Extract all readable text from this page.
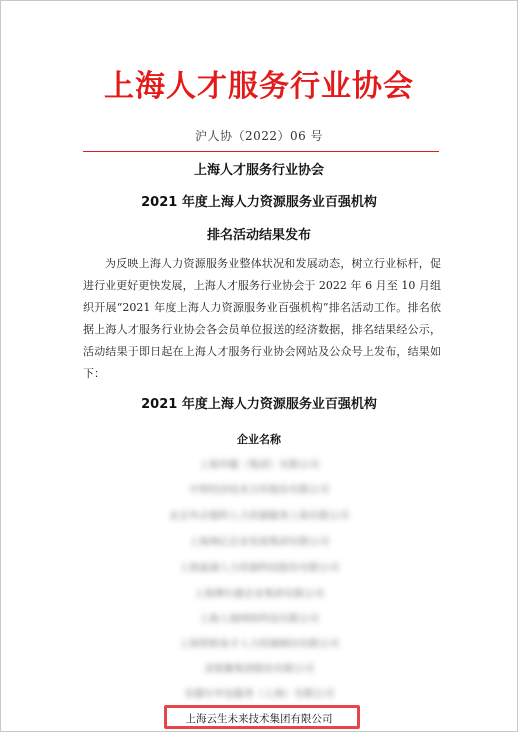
上海人才服务行业协会
沪人协（2022）06 号
上海人才服务行业协会
2021 年度上海人力资源服务业百强机构
排名活动结果发布
为反映上海人力资源服务业整体状况和发展动态，树立行业标杆，促进行业更好更快发展，上海人才服务行业协会于 2022 年 6 月至 10 月组织开展“2021 年度上海人力资源服务业百强机构”排名活动工作。排名依据上海人才服务行业协会各会员单位报送的经济数据，排名结果经公示，活动结果于即日起在上海人才服务行业协会网站及公众号上发布，结果如下：
2021 年度上海人力资源服务业百强机构
企业名称
上海外服（集团）有限公司
中智经济技术合作股份有限公司
北京外企德科人力资源服务上海有限公司
上海飒后企业发展集团有限公司
上海夏涵人力资源科技股份有限公司
上海博尔捷企业集团有限公司
上海人瑞网络科技有限公司
上海智联易才人力资源顾问有限公司
金银聚集团股份有限公司
安捷尔外包服务（上海）有限公司
上海云生未来技术集团有限公司
